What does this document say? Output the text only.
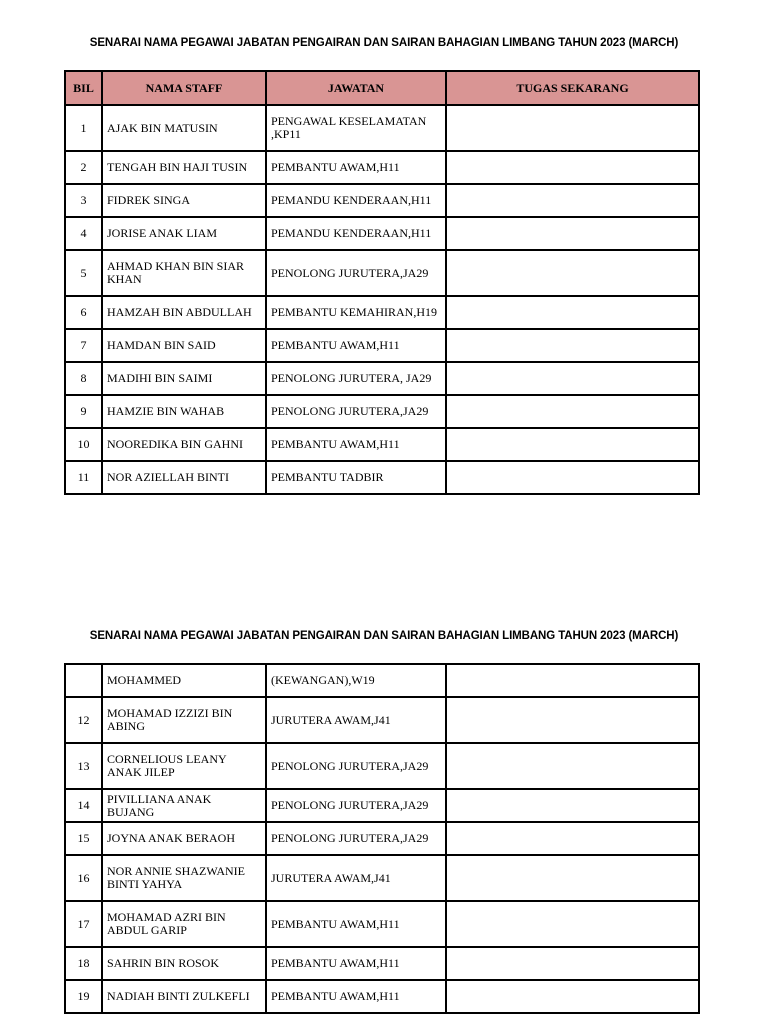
SENARAI NAMA PEGAWAI JABATAN PENGAIRAN DAN SAIRAN BAHAGIAN LIMBANG TAHUN 2023 (MARCH)
BIL	NAMA STAFF	JAWATAN	TUGAS SEKARANG
1	AJAK BIN MATUSIN	PENGAWAL KESELAMATAN ,KP11	
2	TENGAH BIN HAJI TUSIN	PEMBANTU AWAM,H11	
3	FIDREK SINGA	PEMANDU KENDERAAN,H11	
4	JORISE ANAK LIAM	PEMANDU KENDERAAN,H11	
5	AHMAD KHAN BIN SIAR KHAN	PENOLONG JURUTERA,JA29	
6	HAMZAH BIN ABDULLAH	PEMBANTU KEMAHIRAN,H19	
7	HAMDAN BIN SAID	PEMBANTU AWAM,H11	
8	MADIHI BIN SAIMI	PENOLONG JURUTERA, JA29	
9	HAMZIE BIN WAHAB	PENOLONG JURUTERA,JA29	
10	NOOREDIKA BIN GAHNI	PEMBANTU AWAM,H11	
11	NOR AZIELLAH BINTI	PEMBANTU TADBIR	
SENARAI NAMA PEGAWAI JABATAN PENGAIRAN DAN SAIRAN BAHAGIAN LIMBANG TAHUN 2023 (MARCH)
	MOHAMMED	(KEWANGAN),W19	
12	MOHAMAD IZZIZI BIN ABING	JURUTERA AWAM,J41	
13	CORNELIOUS LEANY ANAK JILEP	PENOLONG JURUTERA,JA29	
14	PIVILLIANA ANAK BUJANG	PENOLONG JURUTERA,JA29	
15	JOYNA ANAK BERAOH	PENOLONG JURUTERA,JA29	
16	NOR ANNIE SHAZWANIE BINTI YAHYA	JURUTERA AWAM,J41	
17	MOHAMAD AZRI BIN ABDUL GARIP	PEMBANTU AWAM,H11	
18	SAHRIN BIN ROSOK	PEMBANTU AWAM,H11	
19	NADIAH BINTI ZULKEFLI	PEMBANTU AWAM,H11	
